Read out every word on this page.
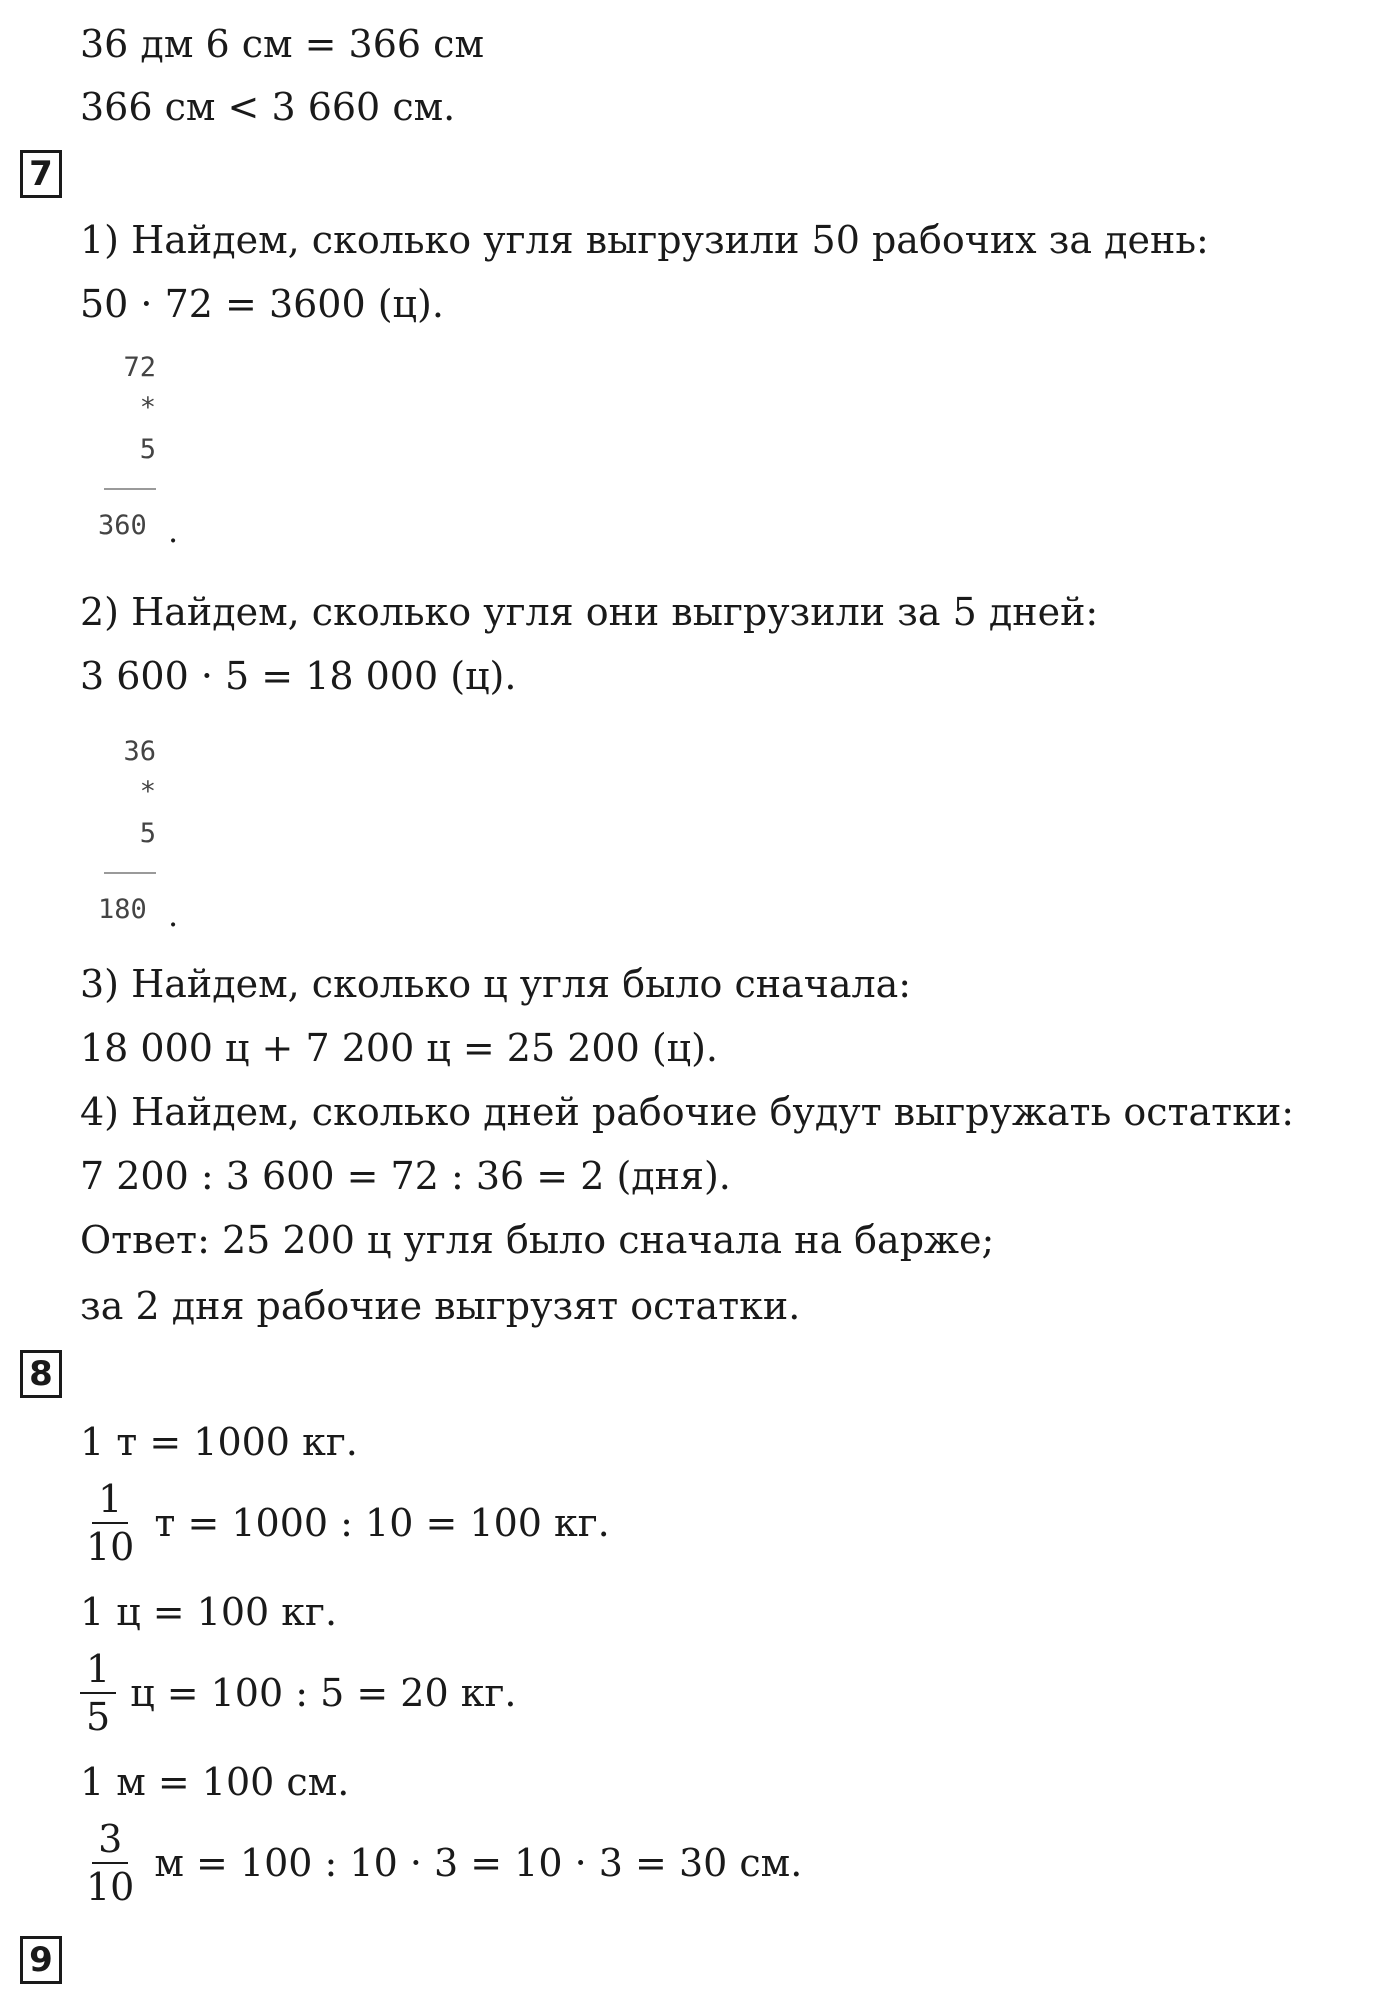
36 дм 6 см = 366 см
366 см < 3 660 см.
7
1) Найдем, сколько угля выгрузили 50 рабочих за день:
50 · 72 = 3600 (ц).
72
*
5
360 .
2) Найдем, сколько угля они выгрузили за 5 дней:
3 600 · 5 = 18 000 (ц).
36
*
5
180 .
3) Найдем, сколько ц угля было сначала:
18 000 ц + 7 200 ц = 25 200 (ц).
4) Найдем, сколько дней рабочие будут выгружать остатки:
7 200 : 3 600 = 72 : 36 = 2 (дня).
Ответ: 25 200 ц угля было сначала на барже;
за 2 дня рабочие выгрузят остатки.
8
1 т = 1000 кг.
$\frac{1}{10}$ т = 1000 : 10 = 100 кг.
1 ц = 100 кг.
$\frac{1}{5}$ ц = 100 : 5 = 20 кг.
1 м = 100 см.
$\frac{3}{10}$ м = 100 : 10 · 3 = 10 · 3 = 30 см.
9
